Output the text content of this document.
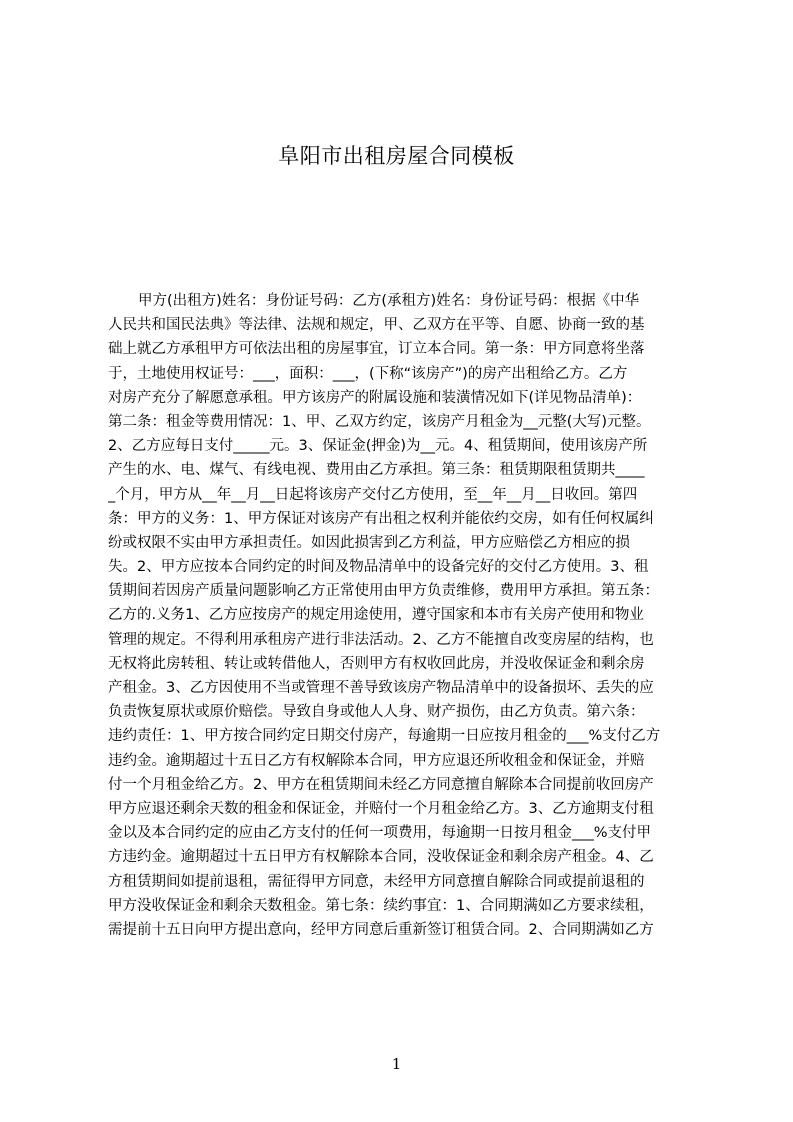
阜阳市出租房屋合同模板
甲方(出租方)姓名：身份证号码：乙方(承租方)姓名：身份证号码：根据《中华
人民共和国民法典》等法律、法规和规定，甲、乙双方在平等、自愿、协商一致的基
础上就乙方承租甲方可依法出租的房屋事宜，订立本合同。第一条：甲方同意将坐落
于，土地使用权证号：___，面积：___，(下称“该房产”)的房产出租给乙方。乙方
对房产充分了解愿意承租。甲方该房产的附属设施和装潢情况如下(详见物品清单)：
第二条：租金等费用情况：1、甲、乙双方约定，该房产月租金为__元整(大写)元整。
2、乙方应每日支付_____元。3、保证金(押金)为__元。4、租赁期间，使用该房产所
产生的水、电、煤气、有线电视、费用由乙方承担。第三条：租赁期限租赁期共____
_个月，甲方从__年__月__日起将该房产交付乙方使用，至__年__月__日收回。第四
条：甲方的义务：1、甲方保证对该房产有出租之权利并能依约交房，如有任何权属纠
纷或权限不实由甲方承担责任。如因此损害到乙方利益，甲方应赔偿乙方相应的损
失。2、甲方应按本合同约定的时间及物品清单中的设备完好的交付乙方使用。3、租
赁期间若因房产质量问题影响乙方正常使用由甲方负责维修，费用甲方承担。第五条：
乙方的.义务1、乙方应按房产的规定用途使用，遵守国家和本市有关房产使用和物业
管理的规定。不得利用承租房产进行非法活动。2、乙方不能擅自改变房屋的结构，也
无权将此房转租、转让或转借他人，否则甲方有权收回此房，并没收保证金和剩余房
产租金。3、乙方因使用不当或管理不善导致该房产物品清单中的设备损坏、丢失的应
负责恢复原状或原价赔偿。导致自身或他人人身、财产损伤，由乙方负责。第六条：
违约责任：1、甲方按合同约定日期交付房产，每逾期一日应按月租金的___%支付乙方
违约金。逾期超过十五日乙方有权解除本合同，甲方应退还所收租金和保证金，并赔
付一个月租金给乙方。2、甲方在租赁期间未经乙方同意擅自解除本合同提前收回房产
甲方应退还剩余天数的租金和保证金，并赔付一个月租金给乙方。3、乙方逾期支付租
金以及本合同约定的应由乙方支付的任何一项费用，每逾期一日按月租金___%支付甲
方违约金。逾期超过十五日甲方有权解除本合同，没收保证金和剩余房产租金。4、乙
方租赁期间如提前退租，需征得甲方同意，未经甲方同意擅自解除合同或提前退租的
甲方没收保证金和剩余天数租金。第七条：续约事宜：1、合同期满如乙方要求续租，
需提前十五日向甲方提出意向，经甲方同意后重新签订租赁合同。2、合同期满如乙方
1
